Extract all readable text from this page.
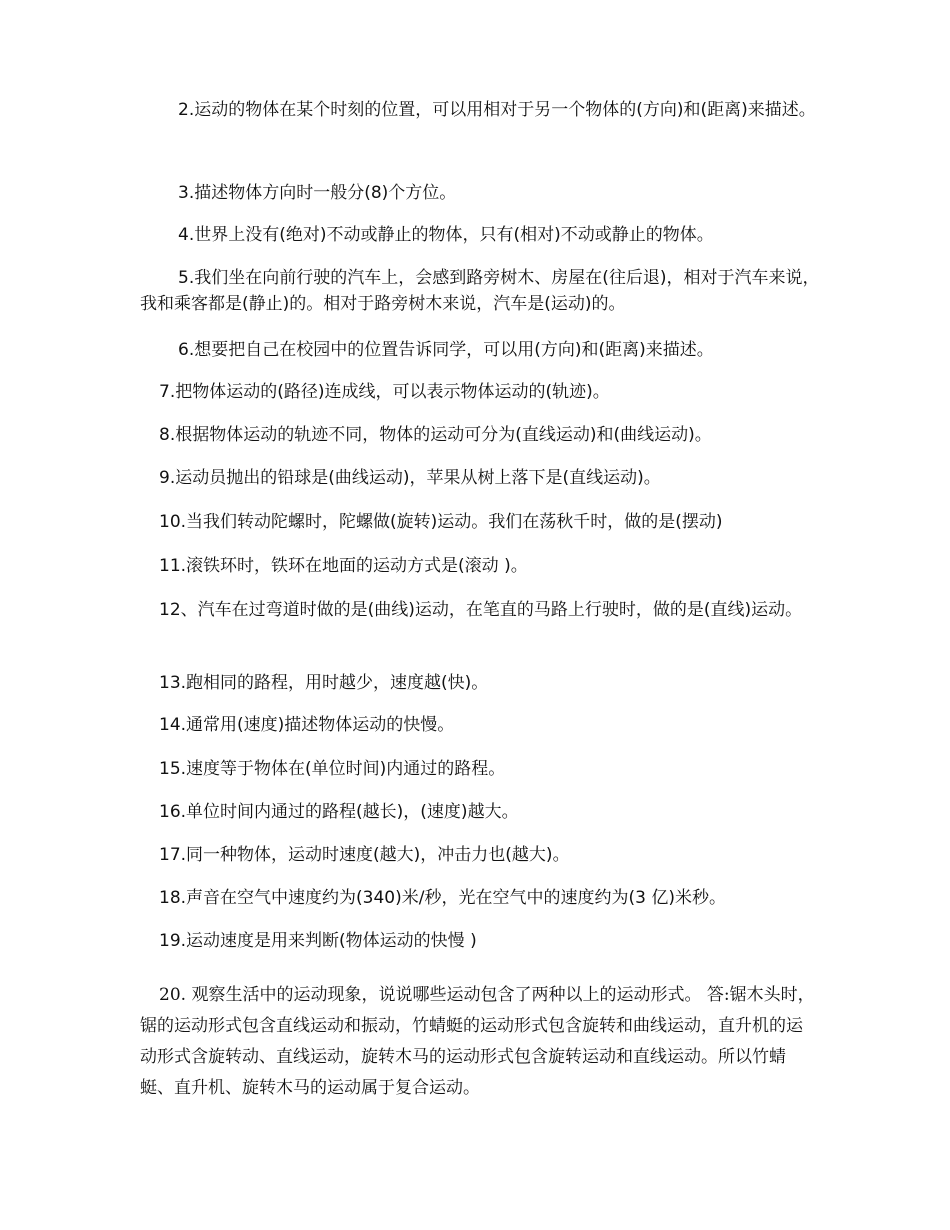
2.运动的物体在某个时刻的位置，可以用相对于另一个物体的(方向)和(距离)来描述。

3.描述物体方向时一般分(8)个方位。

4.世界上没有(绝对)不动或静止的物体，只有(相对)不动或静止的物体。

5.我们坐在向前行驶的汽车上，会感到路旁树木、房屋在(往后退)，相对于汽车来说，我和乘客都是(静止)的。相对于路旁树木来说，汽车是(运动)的。

6.想要把自己在校园中的位置告诉同学，可以用(方向)和(距离)来描述。

7.把物体运动的(路径)连成线，可以表示物体运动的(轨迹)。

8.根据物体运动的轨迹不同，物体的运动可分为(直线运动)和(曲线运动)。

9.运动员抛出的铅球是(曲线运动)，苹果从树上落下是(直线运动)。

10.当我们转动陀螺时，陀螺做(旋转)运动。我们在荡秋千时，做的是(摆动)

11.滚铁环时，铁环在地面的运动方式是(滚动 )。

12、汽车在过弯道时做的是(曲线)运动，在笔直的马路上行驶时，做的是(直线)运动。

13.跑相同的路程，用时越少，速度越(快)。

14.通常用(速度)描述物体运动的快慢。

15.速度等于物体在(单位时间)内通过的路程。

16.单位时间内通过的路程(越长)，(速度)越大。

17.同一种物体，运动时速度(越大)，冲击力也(越大)。

18.声音在空气中速度约为(340)米/秒，光在空气中的速度约为(3 亿)米秒。

19.运动速度是用来判断(物体运动的快慢 )

20. 观察生活中的运动现象，说说哪些运动包含了两种以上的运动形式。 答:锯木头时，锯的运动形式包含直线运动和振动，竹蜻蜓的运动形式包含旋转和曲线运动，直升机的运动形式含旋转动、直线运动，旋转木马的运动形式包含旋转运动和直线运动。所以竹蜻蜓、直升机、旋转木马的运动属于复合运动。
